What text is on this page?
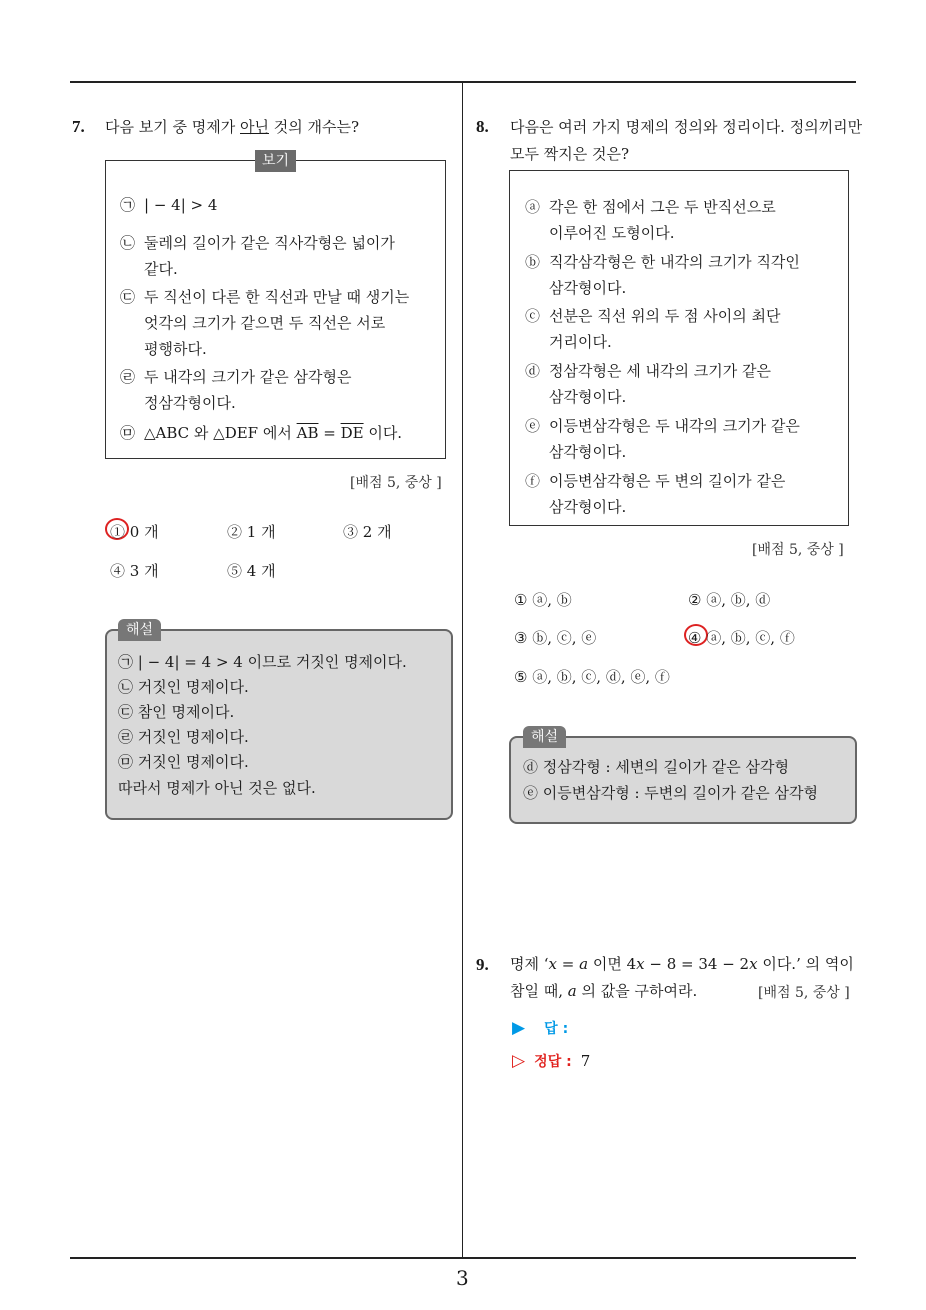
3
7. 다음 보기 중 명제가 아닌 것의 개수는?
보기
㉠ | − 4| > 4
㉡ 둘레의 길이가 같은 직사각형은 넓이가
같다.
㉢ 두 직선이 다른 한 직선과 만날 때 생기는
엇각의 크기가 같으면 두 직선은 서로
평행하다.
㉣ 두 내각의 크기가 같은 삼각형은
정삼각형이다.
㉤ △ABC 와 △DEF 에서 $\overline{AB} = \overline{DE}$ 이다.
[배점 5, 중상 ]
① 0 개	② 1 개	③ 2 개
④ 3 개	⑤ 4 개
해설
㉠ | − 4| = 4 > 4 이므로 거짓인 명제이다.
㉡ 거짓인 명제이다.
㉢ 참인 명제이다.
㉣ 거짓인 명제이다.
㉤ 거짓인 명제이다.
따라서 명제가 아닌 것은 없다.
8. 다음은 여러 가지 명제의 정의와 정리이다. 정의끼리만
모두 짝지은 것은?
ⓐ 각은 한 점에서 그은 두 반직선으로
이루어진 도형이다.
ⓑ 직각삼각형은 한 내각의 크기가 직각인
삼각형이다.
ⓒ 선분은 직선 위의 두 점 사이의 최단
거리이다.
ⓓ 정삼각형은 세 내각의 크기가 같은
삼각형이다.
ⓔ 이등변삼각형은 두 내각의 크기가 같은
삼각형이다.
ⓕ 이등변삼각형은 두 변의 길이가 같은
삼각형이다.
[배점 5, 중상 ]
① ⓐ, ⓑ	② ⓐ, ⓑ, ⓓ
③ ⓑ, ⓒ, ⓔ	④ ⓐ, ⓑ, ⓒ, ⓕ
⑤ ⓐ, ⓑ, ⓒ, ⓓ, ⓔ, ⓕ
해설
ⓓ 정삼각형 : 세변의 길이가 같은 삼각형
ⓔ 이등변삼각형 : 두변의 길이가 같은 삼각형
9. 명제 ‘x = a 이면 4x − 8 = 34 − 2x 이다.’ 의 역이
참일 때, a 의 값을 구하여라.	[배점 5, 중상 ]
▶ 답 :
▷ 정답 : 7
